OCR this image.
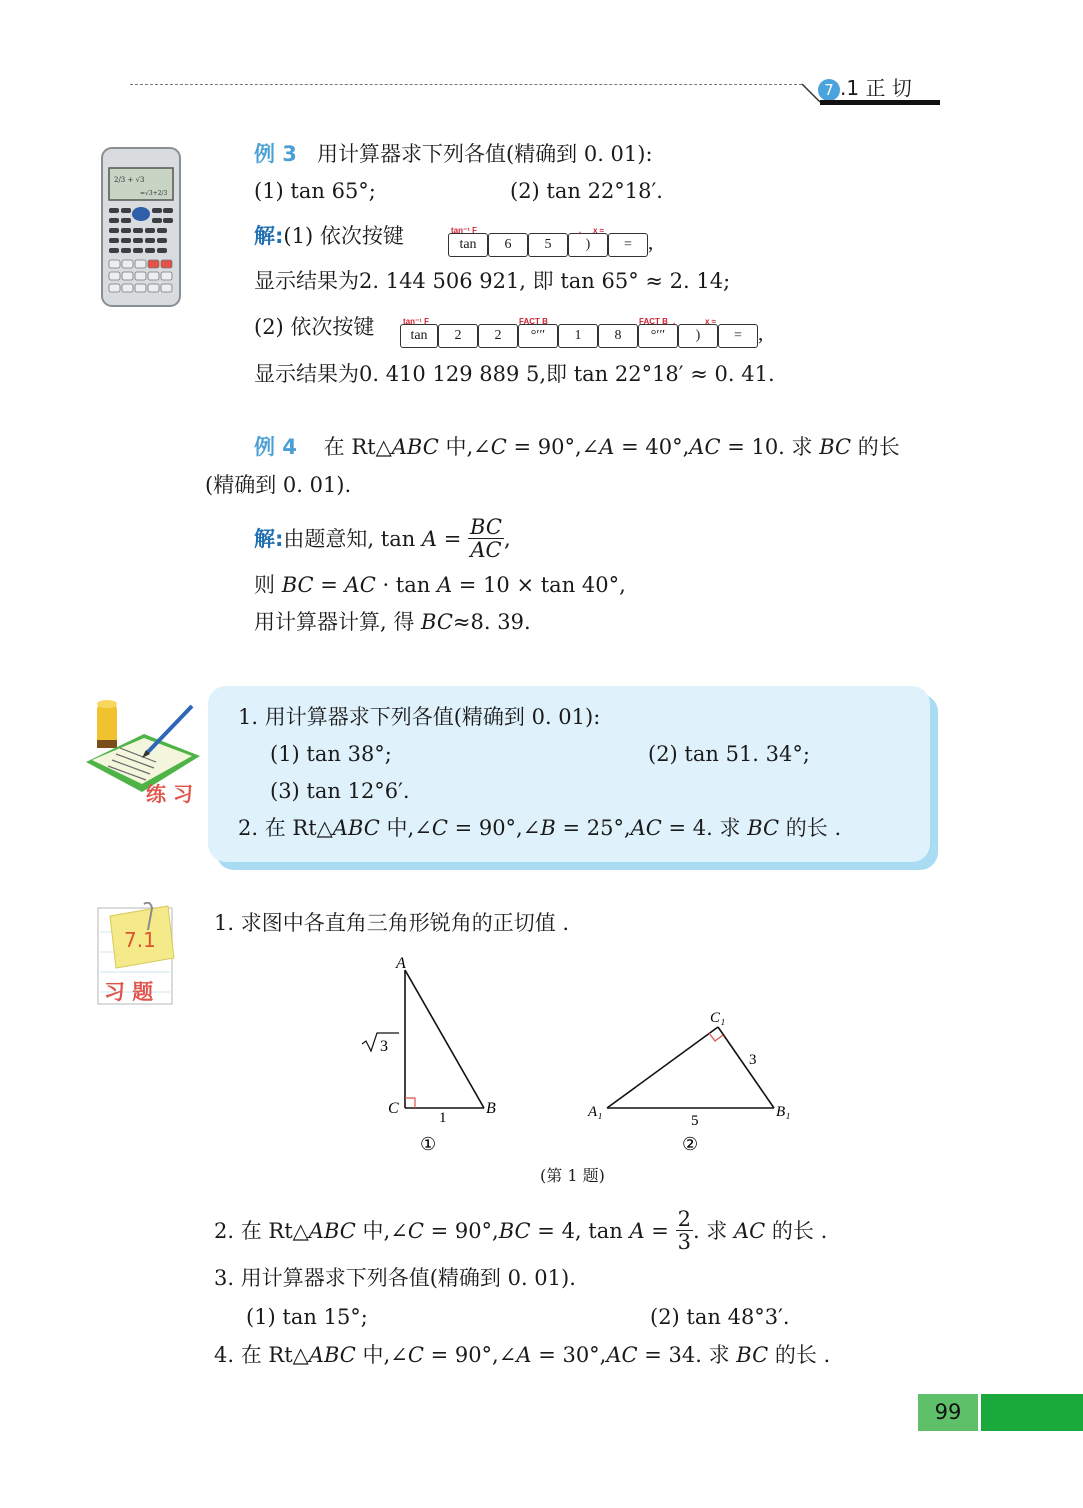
7 .1 正 切
2/3 + √3
=√3+2/3
例 3 用计算器求下列各值(精确到 0. 01):
(1) tan 65°;	(2) tan 22°18′.
解:(1) 依次按键	tan⁻¹ F
tan 6 5
,
)
x ≈
= ,
显示结果为2. 144 506 921, 即 tan 65° ≈ 2. 14;
(2) 依次按键	tan⁻¹ F
tan 2 2
FACT B
°′″ 1 8
FACT B
°′″
,
)
x ≈
= ,
显示结果为0. 410 129 889 5,即 tan 22°18′ ≈ 0. 41.
例 4 在 Rt△ABC 中,∠C = 90°,∠A = 40°,AC = 10. 求 BC 的长
(精确到 0. 01).
解:由题意知, $\tan A = \frac{BC}{AC}$ ,
则 BC = AC · tan A = 10 × tan 40°,
用计算器计算, 得 BC≈8. 39.
练 习
1. 用计算器求下列各值(精确到 0. 01):
(1) tan 38°;	(2) tan 51. 34°;
(3) tan 12°6′.
2. 在 Rt△ABC 中,∠C = 90°,∠B = 25°,AC = 4. 求 BC 的长 .
7.1
习 题
1. 求图中各直角三角形锐角的正切值 .
A
B
C
3
1
①
A₁	B₁
C₁
3
5
②
(第 1 题)
2. 在 Rt△ABC 中,∠C = 90°,BC = 4, $\tan A = \frac{2}{3}$ . 求 AC 的长 .
3. 用计算器求下列各值(精确到 0. 01).
(1) tan 15°;	(2) tan 48°3′.
4. 在 Rt△ABC 中,∠C = 90°,∠A = 30°,AC = 34. 求 BC 的长 .
99
